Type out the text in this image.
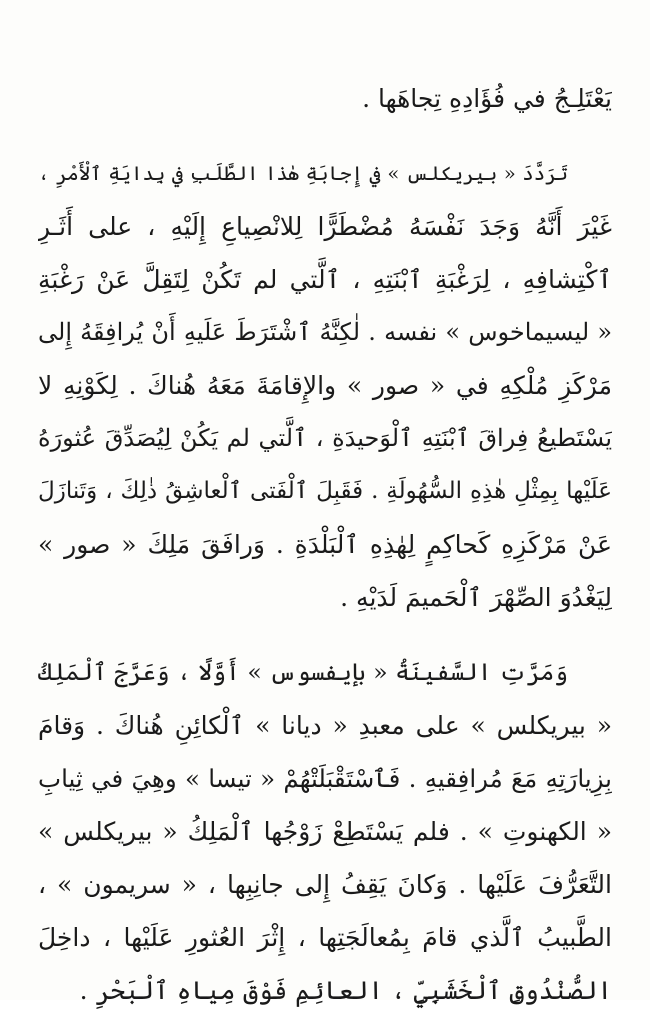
يَعْتَلِـجُ في فُؤَادِهِ تِجاهَها .
تَرَدَّدَ « بيريكلس » في إِجابَةِ هٰذا الطَّلَبِ في بِدايَةِ ٱلْأَمْرِ ،
غَيْرَ أَنَّهُ وَجَدَ نَفْسَهُ مُضْطَرًّا لِلانْصِياعِ إِلَيْهِ ، على أَثَـرِ
ٱكْتِشافِهِ ، لِرَغْبَةِ ٱبْنَتِهِ ، ٱلَّتي لم تَكُنْ لِتَقِلَّ عَنْ رَغْبَةِ
« ليسيماخوس » نفسه . لٰكِنَّهُ ٱشْتَرَطَ عَلَيهِ أَنْ يُرافِقَهُ إِلى
مَرْكَزِ مُلْكِهِ في « صور » والإِقامَةَ مَعَهُ هُناكَ . لِكَوْنِهِ لا
يَسْتَطيعُ فِراقَ ٱبْنَتِهِ ٱلْوَحيدَةِ ، ٱلَّتي لم يَكُنْ لِيُصَدِّقَ عُثورَهُ
عَلَيْها بِمِثْلِ هٰذِهِ السُّهُولَةِ . فَقَبِلَ ٱلْفَتى ٱلْعاشِقُ ذٰلِكَ ، وَتَنازَلَ
عَنْ مَرْكَزِهِ كَحاكِمٍ لِهٰذِهِ ٱلْبَلْدَةِ . وَرافَقَ مَلِكَ « صور »
لِيَغْدُوَ الصِّهْرَ ٱلْحَميمَ لَدَيْهِ .
وَمَرَّتِ السَّفينَةُ « بإيفسوس » أَوَّلًا ، وَعَرَّجَ ٱلْمَلِكُ
« بيريكلس » على معبدِ « ديانا » ٱلْكائِنِ هُناكَ . وَقامَ
بِزِيارَتِهِ مَعَ مُرافِقيهِ . فَٱسْتَقْبَلَتْهُمْ « تيسا » وهِيَ في ثِيابِ
« الكهنوتِ » . فلم يَسْتَطِعْ زَوْجُها ٱلْمَلِكُ « بيريكلس »
التَّعَرُّفَ عَلَيْها . وَكانَ يَقِفُ إِلى جانِبِها ، « سريمون » ،
الطَّبيبُ ٱلَّذي قامَ بِمُعالَجَتِها ، إِثْرَ العُثورِ عَلَيْها ، داخِلَ
الصُّنْدُوقِ ٱلْخَشَبِيِّ ، العائِمِ فَوْقَ مِياهِ ٱلْبَحْرِ .
